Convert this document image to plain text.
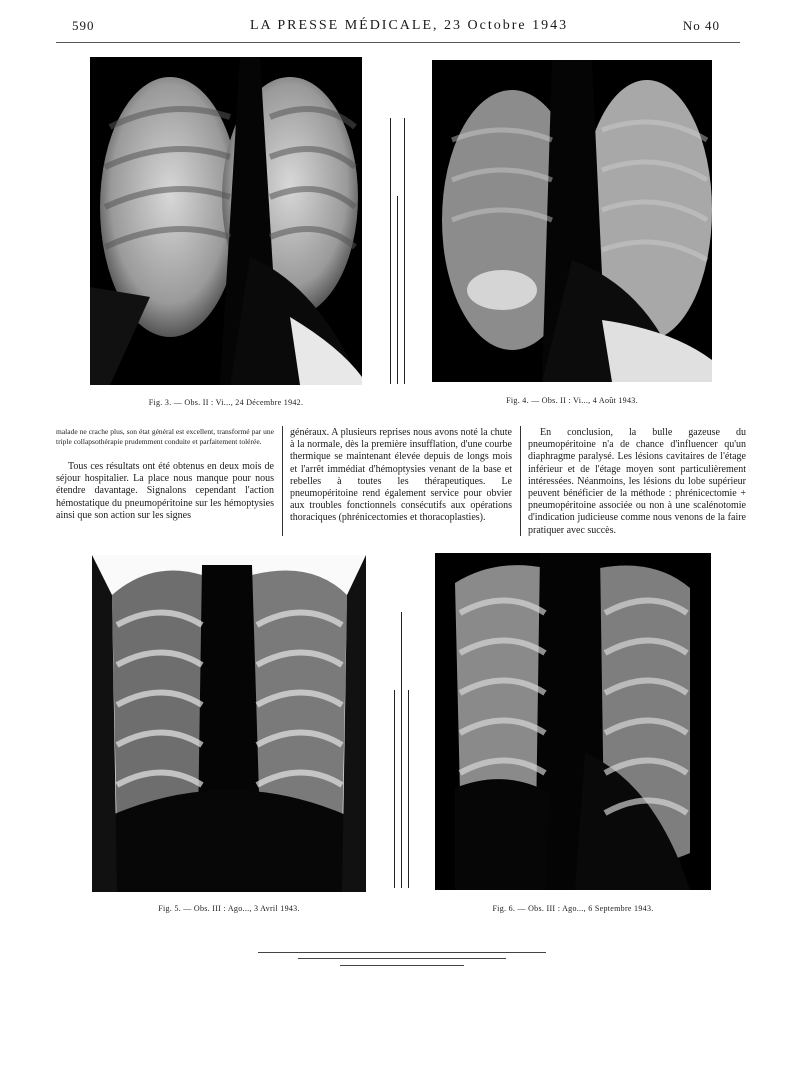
590	LA PRESSE MÉDICALE, 23 Octobre 1943	No 40
Fig. 3. — Obs. II : Vi..., 24 Décembre 1942.	Fig. 4. — Obs. II : Vi..., 4 Août 1943.

malade ne crache plus, son état général est excellent, transformé par une triple collapsothérapie prudemment conduite et parfaitement tolérée.

Tous ces résultats ont été obtenus en deux mois de séjour hospitalier. La place nous manque pour nous étendre davantage. Signalons cependant l'action hémostatique du pneumopéritoine sur les hémoptysies ainsi que son action sur les signes

généraux. A plusieurs reprises nous avons noté la chute à la normale, dès la première insufflation, d'une courbe thermique se maintenant élevée depuis de longs mois et l'arrêt immédiat d'hémoptysies venant de la base et rebelles à toutes les thérapeutiques. Le pneumopéritoine rend également service pour obvier aux troubles fonctionnels consécutifs aux opérations thoraciques (phrénicectomies et thoracoplasties).

En conclusion, la bulle gazeuse du pneumopéritoine n'a de chance d'influencer qu'un diaphragme paralysé. Les lésions cavitaires de l'étage inférieur et de l'étage moyen sont particulièrement intéressées. Néanmoins, les lésions du lobe supérieur peuvent bénéficier de la méthode : phrénicectomie + pneumopéritoine associée ou non à une scalénotomie d'indication judicieuse comme nous venons de la faire pratiquer avec succès.

Fig. 5. — Obs. III : Ago..., 3 Avril 1943.	Fig. 6. — Obs. III : Ago..., 6 Septembre 1943.
